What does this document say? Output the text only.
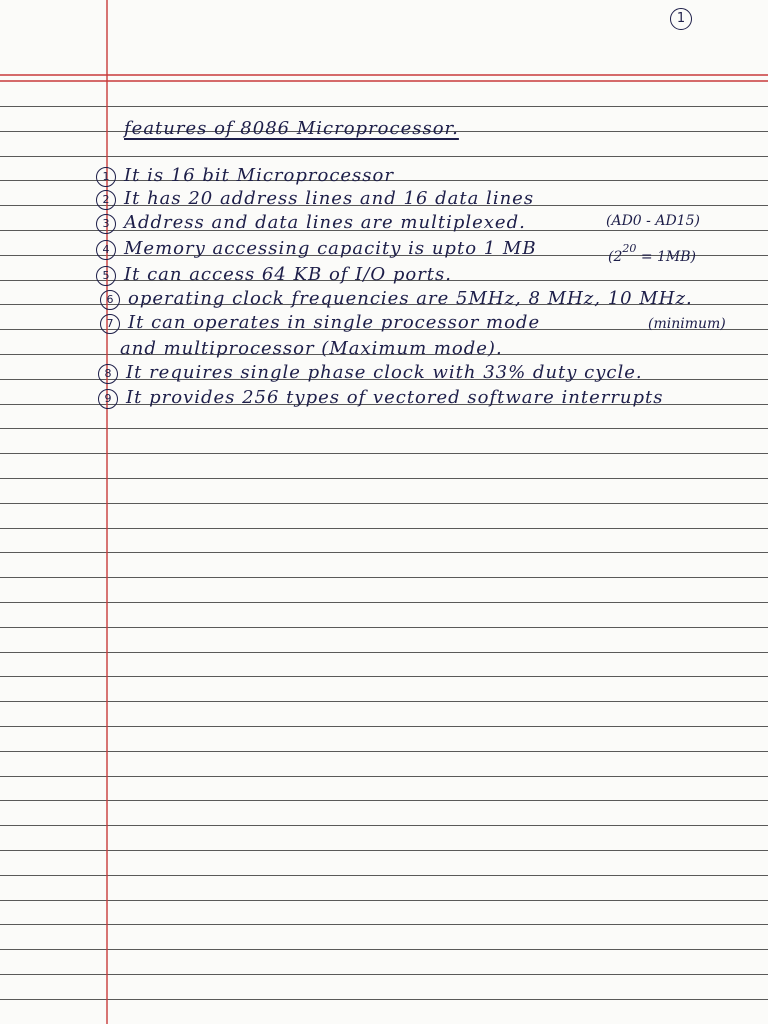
1
features of 8086 Microprocessor.
1 It is 16 bit Microprocessor
2 It has 20 address lines and 16 data lines
3 Address and data lines are multiplexed.	(AD0 - AD15)
4 Memory accessing capacity is upto 1 MB	$(2^{20} = 1MB)$
5 It can access 64 KB of I/O ports.
6 operating clock frequencies are 5MHz, 8 MHz, 10 MHz.
7 It can operates in single processor mode	(minimum)
and multiprocessor (Maximum mode).
8 It requires single phase clock with 33% duty cycle.
9 It provides 256 types of vectored software interrupts
